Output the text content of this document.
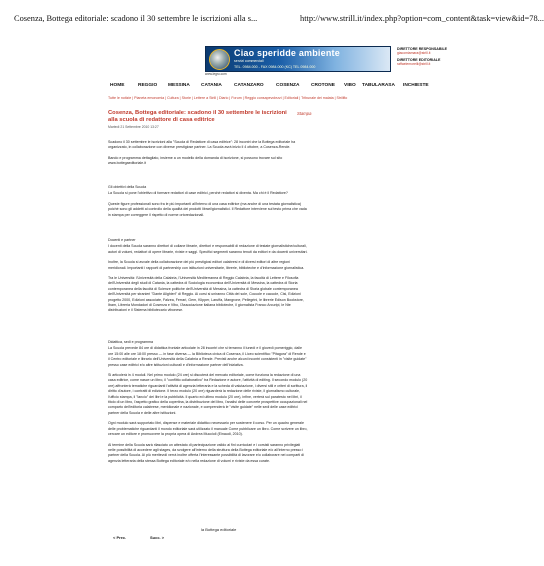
Cosenza, Bottega editoriale: scadono il 30 settembre le iscrizioni alla s...	http://www.strill.it/index.php?option=com_content&task=view&id=78...
Ciao speridde ambiente
servizi commerciali
TEL. 0984.000 - FAX 0984.000 (KC) TEL 0984.000
www.legru.com
DIRETTORE RESPONSABILE
giacomiamara@strill.it
DIRETTORE EDITORIALE
raffaelemorelli@strill.it
HOME	REGGIO MESSINA CATANIA	CATANZARO	COSENZA CROTONE VIBO TABULARASA INCHIESTE
Tutte le notizie | Pianeta emonomia | Cultura | Storie | Lettere a Strill | Diario | Forum | Reggio consapevolezzi | Editoriali | Tribunale dei malata | Strillfio
Cosenza, Bottega editoriale: scadono il 30 settembre le iscrizioni alla scuola di redattore di casa editrice
Stampa
Martedì 21 Settembre 2010 13:27

Scadono il 30 settembre le iscrizioni alla "Scuola di Redattore di casa editrice": 28 incontri che la Bottega editoriale ha organizzato, in collaborazione con diverse prestigiose partner. La Scuola avrà inizio il 4 ottobre, a Cosenza-Rende.

Bando e programma dettagliato, insieme a un modello della domanda di iscrizione, si possono trovare sul sito www.bottegaeditoriale.it

Gli obiettivi della Scuola

La Scuola si pone l'obiettivo di formare redattori di case editrici, perché redattori si diventa. Ma chi è il Redattore?

Queste figure professionali sono fra le più importanti all'interno di una casa editrice (ma anche di una testata giornalistica) poiché sono gli addetti al controllo della qualità dei prodotti librari/giornalistici. Il Redattore interviene sul testo prima che vada in stampa per correggere il rispetto di norme ortoredazionali.

Docenti e partner

I docenti della Scuola saranno direttori di collane librarie, direttori e responsabili di redazione di testate giornalistiche/culturali, autori di volumi, redattori di opere librarie, riviste e saggi. Specifici segmenti saranno tenuti da editori e da docenti universitari.

Inoltre, la Scuola si avvale della collaborazione dei più prestigiosi editori calabresi e di diversi editori di altre regioni meridionali. Importanti i rapporti di partnership con istituzioni universitarie, librerie, biblioteche e d'informazione giornalistica.

Tra le Università: l'Università della Calabria, l'Università Mediterranea di Reggio Calabria, la facoltà di Lettere e Filosofia dell'Università degli studi di Catania, la cattedra di Sociologia economica dell'Università di Messina, la cattedra di Storia contemporanea della facoltà di Scienze politiche dell'Università di Messina, la cattedra di Storia globale contemporanea dell'Università per stranieri "Dante Alighieri" di Reggio. Ai corsi si uniranno Città del sole, Coccole e caccole, Cisi, Edizioni progetto 2000, Edizioni associate, Falzea, Ferrari, Gem, Klipper, Laruffa, Mangrone, Pellegrini, le librerie Edison Bookstore, Ibam, Libreria Mondadori di Cosenza e Vibo, l'Associazione italiana biblioteche, il giornalista Franco Arcuripi, le Nte distribuzioni e il Sistema bibliotecario vibonese.

Didattica, sedi e programma

La Scuola prevede 84 ore di didattica frontale articolate in 28 incontri che si terranno il lunedì e il giovedì pomeriggio, dalle ore 15:00 alle ore 18:00 presso — in fase diversa — la Biblioteca civica di Cosenza, il Liceo scientifico "Pitagora" di Rende e il Centro editoriale e librario dell'Università della Calabria a Rende. Previsti anche alcuni incontri consistenti in "visite guidate" presso case editrici e/o altre istituzioni culturali e d'informazione partner dell'iniziativa.

Si articolerà in 4 moduli. Nel primo modulo (24 ore) si discuterà del mercato editoriale, come funziona la redazione di una casa editrice, come nasce un libro, il "conflitto collaborativo" tra Redazione e autore, l'attività di editing. Il secondo modulo (20 ore) affronterà tematiche riguardanti l'attività di agenzia letteraria e la scheda di valutazione, i diversi stili e criteri di scrittura, il diritto d'autore, i contratti di edizione. Il terzo modulo (20 ore) riguarderà la redazione delle riviste, il giornalismo culturale, l'ufficio stampa, il "lancio" dei libri e la pubblicità. Il quarto ed ultimo modulo (20 ore), infine, verterà sul paratesto nei libri, il titolo di un libro, l'aspetto grafico della copertina, la distribuzione del libro, l'analisi delle concrete prospettive occupazionali nel comparto dell'editoria calabrese, meridionale e nazionale, e comprenderà le "visite guidate" nelle sedi delle case editrici partner della Scuola e delle altre istituzioni.

Ogni modulo sarà supportato libri, dispense e materiale didattico necessario per sostenere il corso. Per un quadro generale delle problematiche riguardanti il mondo editoriale sarà utilizzato il manuale Come pubblicare un libro. Come scrivere un libro, cercare un editore e promuovere la propria opera di Andrea Muccioli (Einaudi, 2010).

Al termine della Scuola sarà rilasciato un attestato di partecipazione valido ai fini curricolari e i corsisti saranno privilegiati nelle possibilità di accedere agli stages, da svolgere all'interno della struttura della Bottega editoriale e/o all'interno presso i partner della Scuola. Ai più meritevoli verrà inoltre offerta l'interessante possibilità di lavorare e/o collaborare nei comparti di agenzia letteraria della stessa Bottega editoriale e/o nella redazione di volumi e riviste da essa curate.

la Bottega editoriale
< Prec.	Succ. >
